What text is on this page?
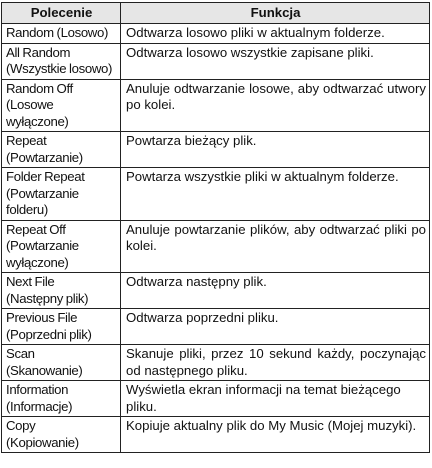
Polecenie	Funkcja

Random (Losowo)	Odtwarza losowo pliki w aktualnym folderze.

All Random
(Wszystkie losowo)	Odtwarza losowo wszystkie zapisane pliki.

Random Off
(Losowe wyłączone)	Anuluje odtwarzanie losowe, aby odtwarzać utwory po kolei.

Repeat
(Powtarzanie)	Powtarza bieżący plik.

Folder Repeat
(Powtarzanie
folderu)	Powtarza wszystkie pliki w aktualnym folderze.

Repeat Off
(Powtarzanie
wyłączone)	Anuluje powtarzanie plików, aby odtwarzać pliki po kolei.

Next File
(Następny plik)	Odtwarza następny plik.

Previous File
(Poprzedni plik)	Odtwarza poprzedni pliku.

Scan
(Skanowanie)	Skanuje pliki, przez 10 sekund każdy, poczynając od następnego pliku.

Information
(Informacje)	Wyświetla ekran informacji na temat bieżącego pliku.

Copy
(Kopiowanie)	Kopiuje aktualny plik do My Music (Mojej muzyki).
